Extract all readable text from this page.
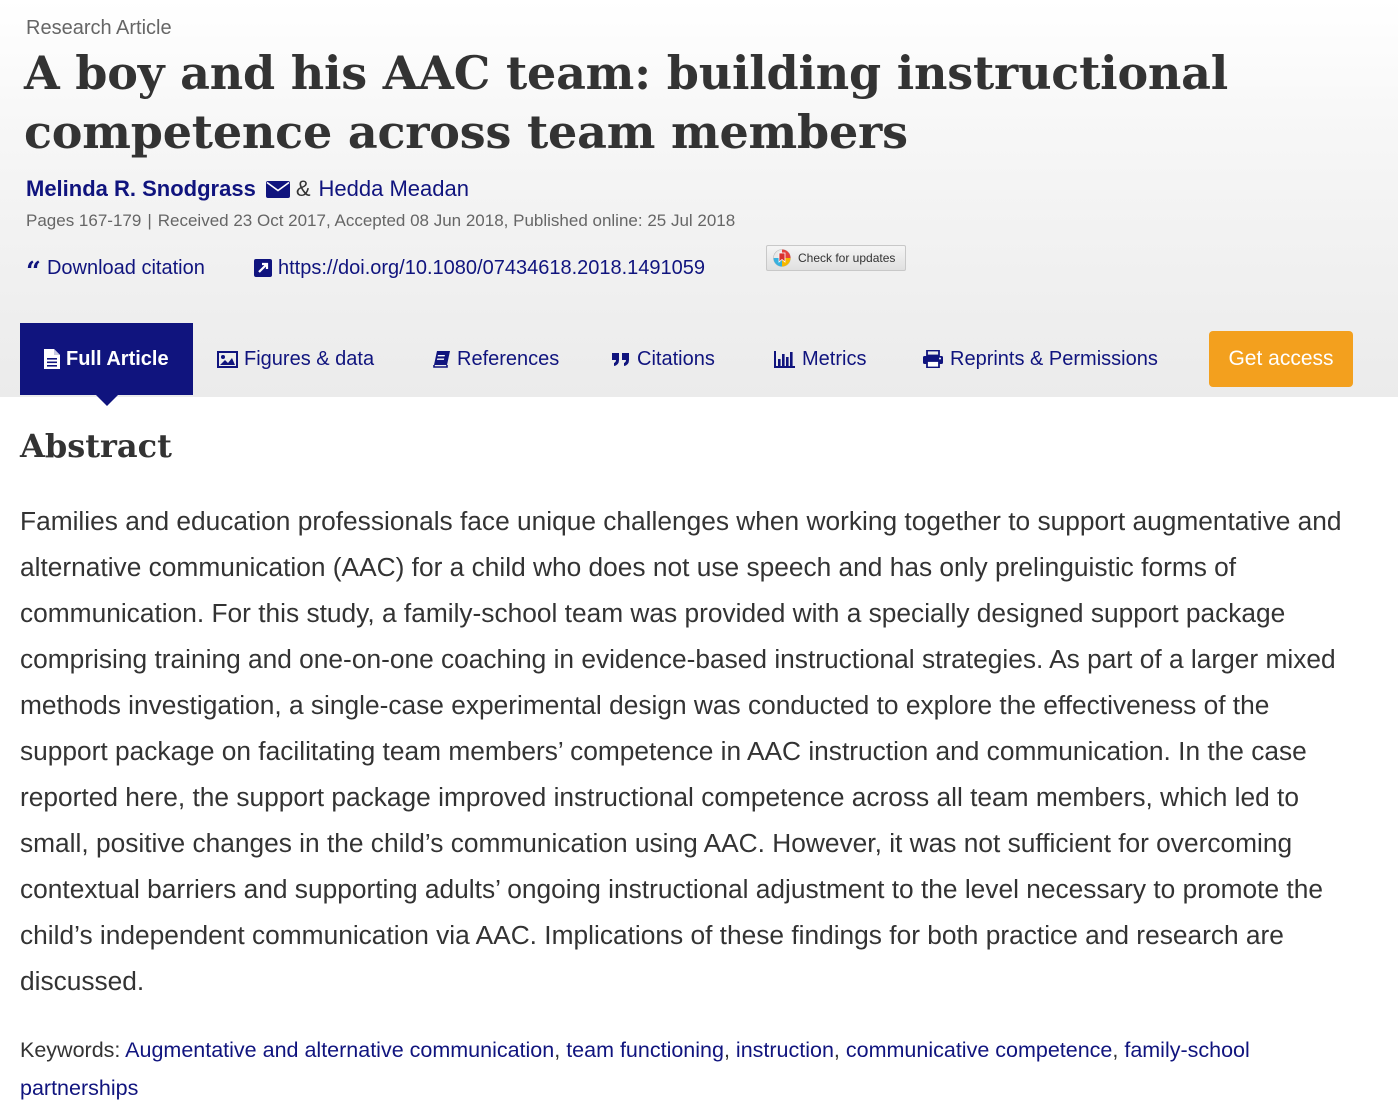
Research Article
A boy and his AAC team: building instructional competence across team members
Melinda R. Snodgrass & Hedda Meadan
Pages 167-179 | Received 23 Oct 2017, Accepted 08 Jun 2018, Published online: 25 Jul 2018
“ Download citation	https://doi.org/10.1080/07434618.2018.1491059	Check for updates
Full Article	Figures & data	References	Citations	Metrics	Reprints & Permissions	Get access
Abstract

Families and education professionals face unique challenges when working together to support augmentative and alternative communication (AAC) for a child who does not use speech and has only prelinguistic forms of communication. For this study, a family-school team was provided with a specially designed support package comprising training and one-on-one coaching in evidence-based instructional strategies. As part of a larger mixed methods investigation, a single-case experimental design was conducted to explore the effectiveness of the support package on facilitating team members’ competence in AAC instruction and communication. In the case reported here, the support package improved instructional competence across all team members, which led to small, positive changes in the child’s communication using AAC. However, it was not sufficient for overcoming contextual barriers and supporting adults’ ongoing instructional adjustment to the level necessary to promote the child’s independent communication via AAC. Implications of these findings for both practice and research are discussed.

Keywords: Augmentative and alternative communication, team functioning, instruction, communicative competence, family-school partnerships
